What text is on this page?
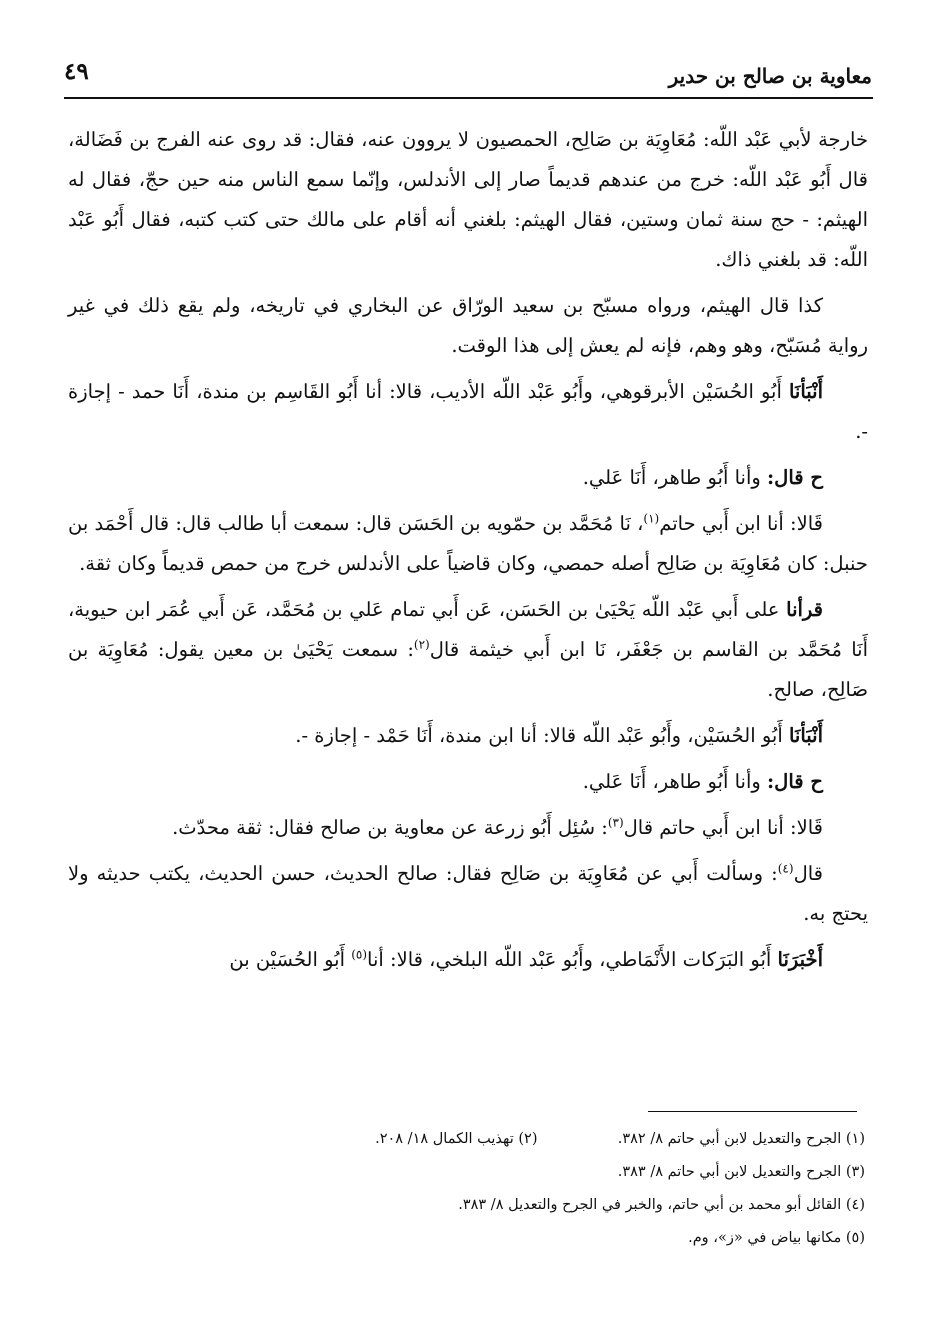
٤٩	معاوية بن صالح بن حدير

خارجة لأبي عَبْد اللّه: مُعَاوِيَة بن صَالِح، الحمصيون لا يروون عنه، فقال: قد روى عنه الفرج بن فَضَالة، قال أَبُو عَبْد اللّه: خرج من عندهم قديماً صار إلى الأندلس، وإنّما سمع الناس منه حين حجّ، فقال له الهيثم: - حج سنة ثمان وستين، فقال الهيثم: بلغني أنه أقام على مالك حتى كتب كتبه، فقال أَبُو عَبْد اللّه: قد بلغني ذاك.

كذا قال الهيثم، ورواه مسبّح بن سعيد الورّاق عن البخاري في تاريخه، ولم يقع ذلك في غير رواية مُسَبّح، وهو وهم، فإنه لم يعش إلى هذا الوقت.

أَنْبَأنَا أَبُو الحُسَيْن الأبرقوهي، وأَبُو عَبْد اللّه الأديب، قالا: أنا أَبُو القَاسِم بن مندة، أَنَا حمد - إجازة -.

ح قال: وأنا أَبُو طاهر، أَنَا عَلي.

قَالا: أنا ابن أَبي حاتم$^{(١)}$، نَا مُحَمَّد بن حمّويه بن الحَسَن قال: سمعت أبا طالب قال: قال أَحْمَد بن حنبل: كان مُعَاوِيَة بن صَالِح أصله حمصي، وكان قاضياً على الأندلس خرج من حمص قديماً وكان ثقة.

قرأنا على أَبي عَبْد اللّه يَحْيَىٰ بن الحَسَن، عَن أَبي تمام عَلي بن مُحَمَّد، عَن أَبي عُمَر ابن حيوية، أَنَا مُحَمَّد بن القاسم بن جَعْفَر، نَا ابن أَبي خيثمة قال$^{(٢)}$: سمعت يَحْيَىٰ بن معين يقول: مُعَاوِيَة بن صَالِح، صالح.

أَنْبَأنَا أَبُو الحُسَيْن، وأَبُو عَبْد اللّه قالا: أنا ابن مندة، أَنَا حَمْد - إجازة -.

ح قال: وأنا أَبُو طاهر، أَنَا عَلي.

قَالا: أنا ابن أَبي حاتم قال$^{(٣)}$: سُئِل أَبُو زرعة عن معاوية بن صالح فقال: ثقة محدّث.

قال$^{(٤)}$: وسألت أَبي عن مُعَاوِيَة بن صَالِح فقال: صالح الحديث، حسن الحديث، يكتب حديثه ولا يحتج به.

أَخْبَرَنَا أَبُو البَرَكات الأَنْمَاطي، وأَبُو عَبْد اللّه البلخي، قالا: أنا$^{(٥)}$ أَبُو الحُسَيْن بن

(١) الجرح والتعديل لابن أبي حاتم ٨/ ٣٨٢.
(٢) تهذيب الكمال ١٨/ ٢٠٨.
(٣) الجرح والتعديل لابن أبي حاتم ٨/ ٣٨٣.
(٤) القائل أبو محمد بن أبي حاتم، والخبر في الجرح والتعديل ٨/ ٣٨٣.
(٥) مكانها بياض في «ز»، وم.
